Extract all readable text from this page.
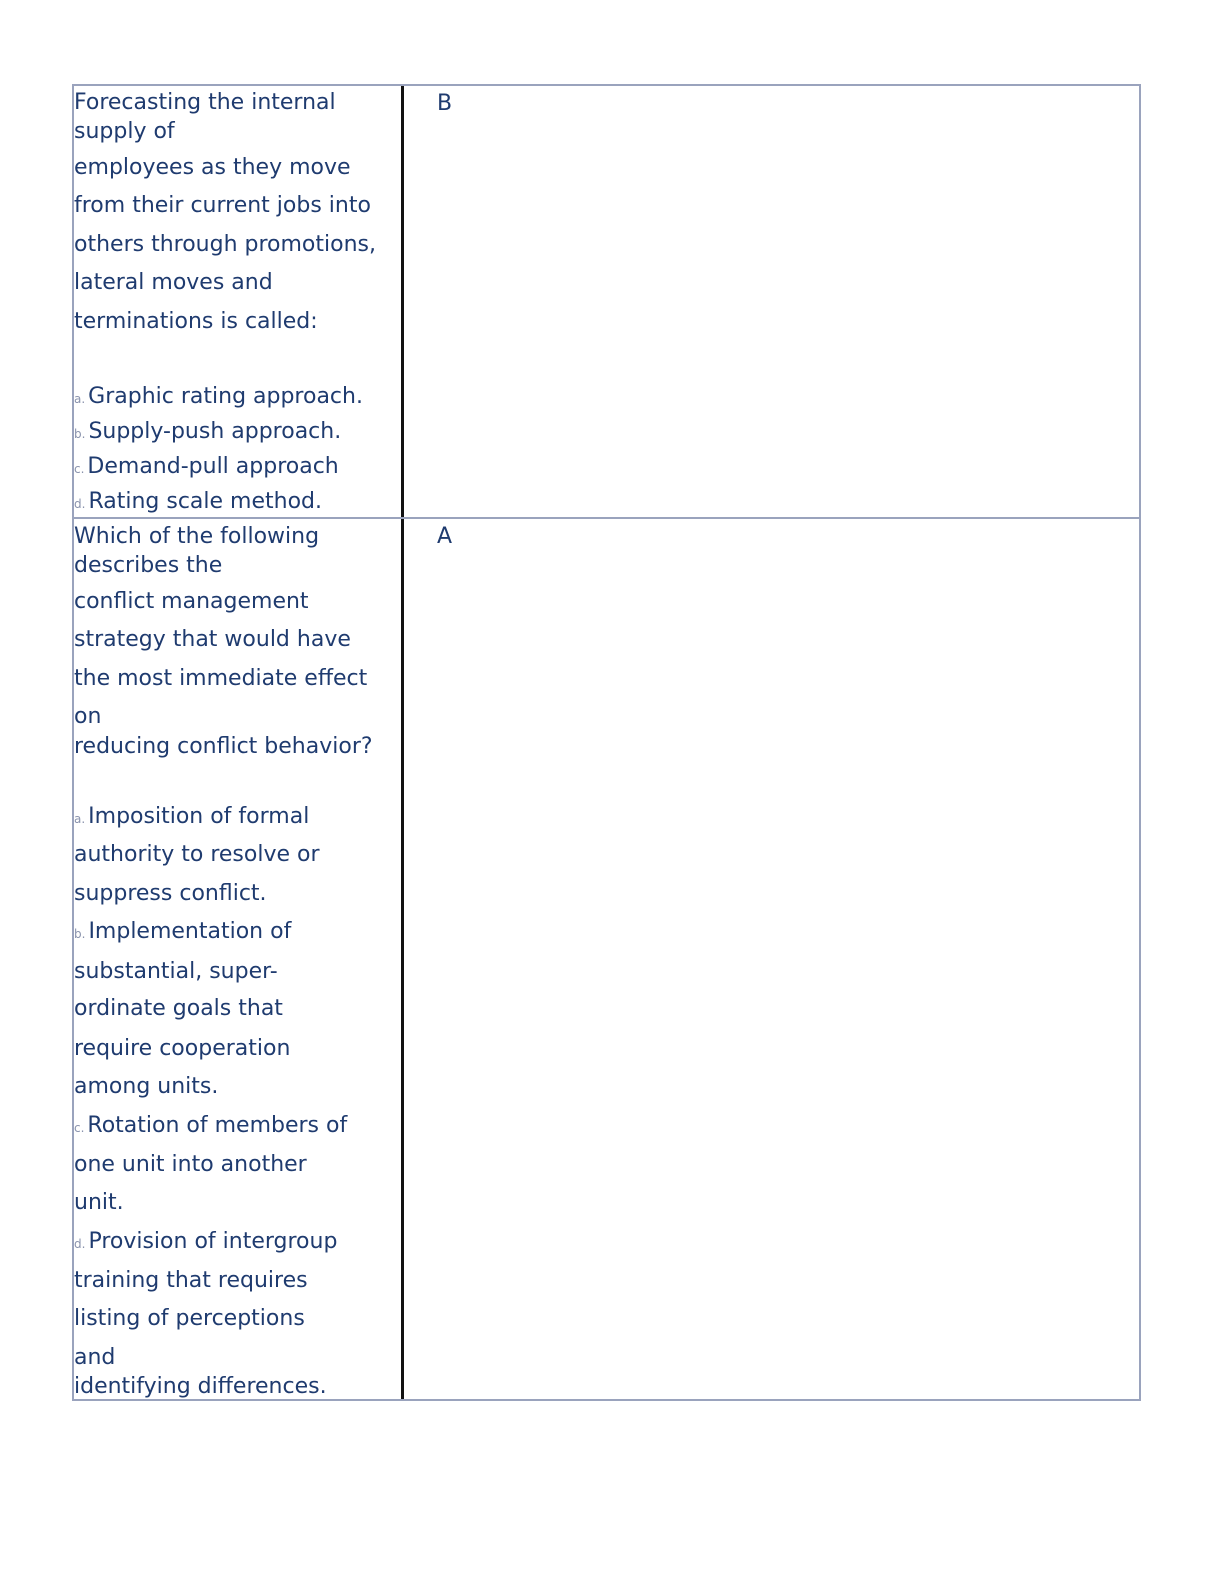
Forecasting the internal
supply of
employees as they move
from their current jobs into
others through promotions,
lateral moves and
terminations is called:
a. Graphic rating approach.
b. Supply-push approach.
c. Demand-pull approach
d. Rating scale method.
B
Which of the following
describes the
conflict management
strategy that would have
the most immediate effect
on
reducing conflict behavior?
a. Imposition of formal
authority to resolve or
suppress conflict.
b. Implementation of
substantial, super-
ordinate goals that
require cooperation
among units.
c. Rotation of members of
one unit into another
unit.
d. Provision of intergroup
training that requires
listing of perceptions
and
identifying differences.
A
